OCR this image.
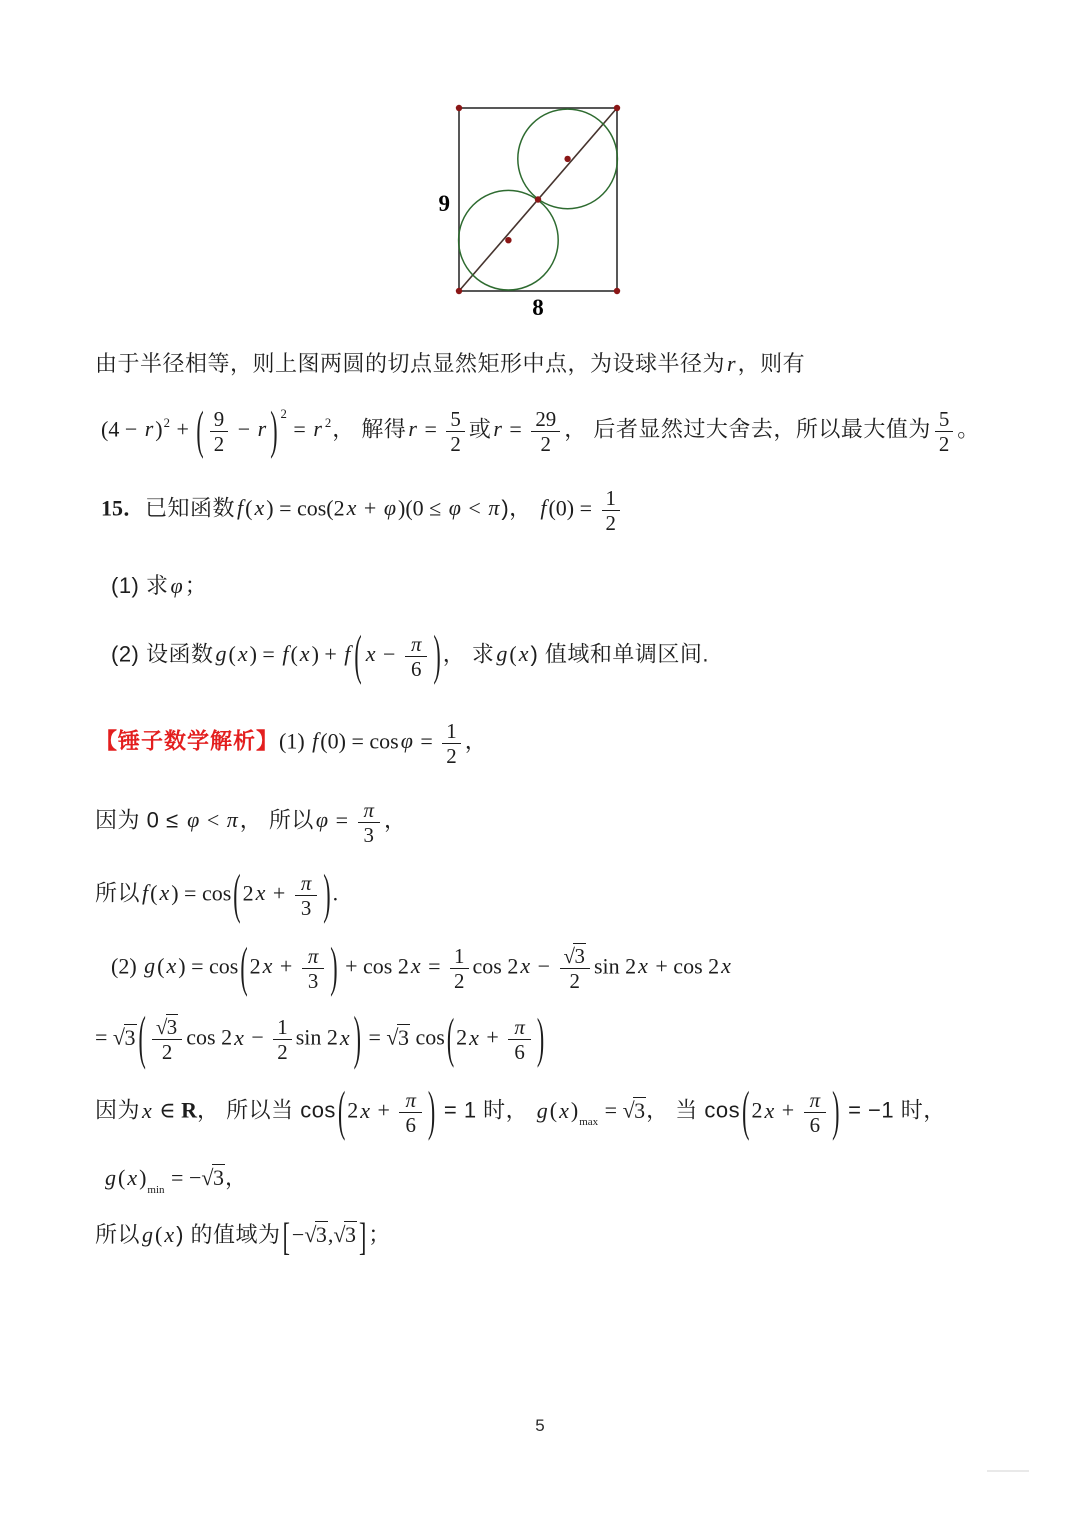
9
8
由于半径相等，则上图两圆的切点显然矩形中点，为设球半径为r，则有
$(4 - r)^2$ + ( $\frac{9}{2} - r$ ) $^2$ = r $^2$， 解得$r = \frac{5}{2}$ 或$r = \frac{29}{2}$ ， 后者显然过大舍去，所以最大值为 $\frac{5}{2}$ 。
15．已知函数f(x) = cos(2x + φ)(0 ≤ φ < π)， $f(0) = \frac{1}{2}$
(1) 求φ；
(2) 设函数g(x) = f(x) + f ( $x - \frac{\pi}{6}$ )， 求g(x) 值域和单调区间.
【锤子数学解析】(1) $f(0) = \cos\varphi = \frac{1}{2}$ ，
因为 0 ≤ φ < π， 所以$\varphi = \frac{\pi}{3}$ ，
所以$f(x) = \cos(2x + \frac{\pi}{3}$ ).
(2) $g(x) = \cos(2x + \frac{\pi}{3}$ ) + $\cos 2x = \frac{1}{2}$ $\cos 2x - \frac{√3}{2}$ sin 2x + cos 2x
= √3 ( $\frac{√3}{2}$ $\cos 2x - \frac{1}{2}$ sin 2x ) = √3 $\cos(2x + \frac{\pi}{6}$ )
因为x ∈ R， 所以当 $\cos(2x + \frac{\pi}{6}$ ) = 1 时， $g(x)_{max} = √3$， 当 $\cos(2x + \frac{\pi}{6}$ ) = −1 时，
$g(x)_{min} = -√3$，
所以g(x) 的值域为[−√3,√3 ]；
5
